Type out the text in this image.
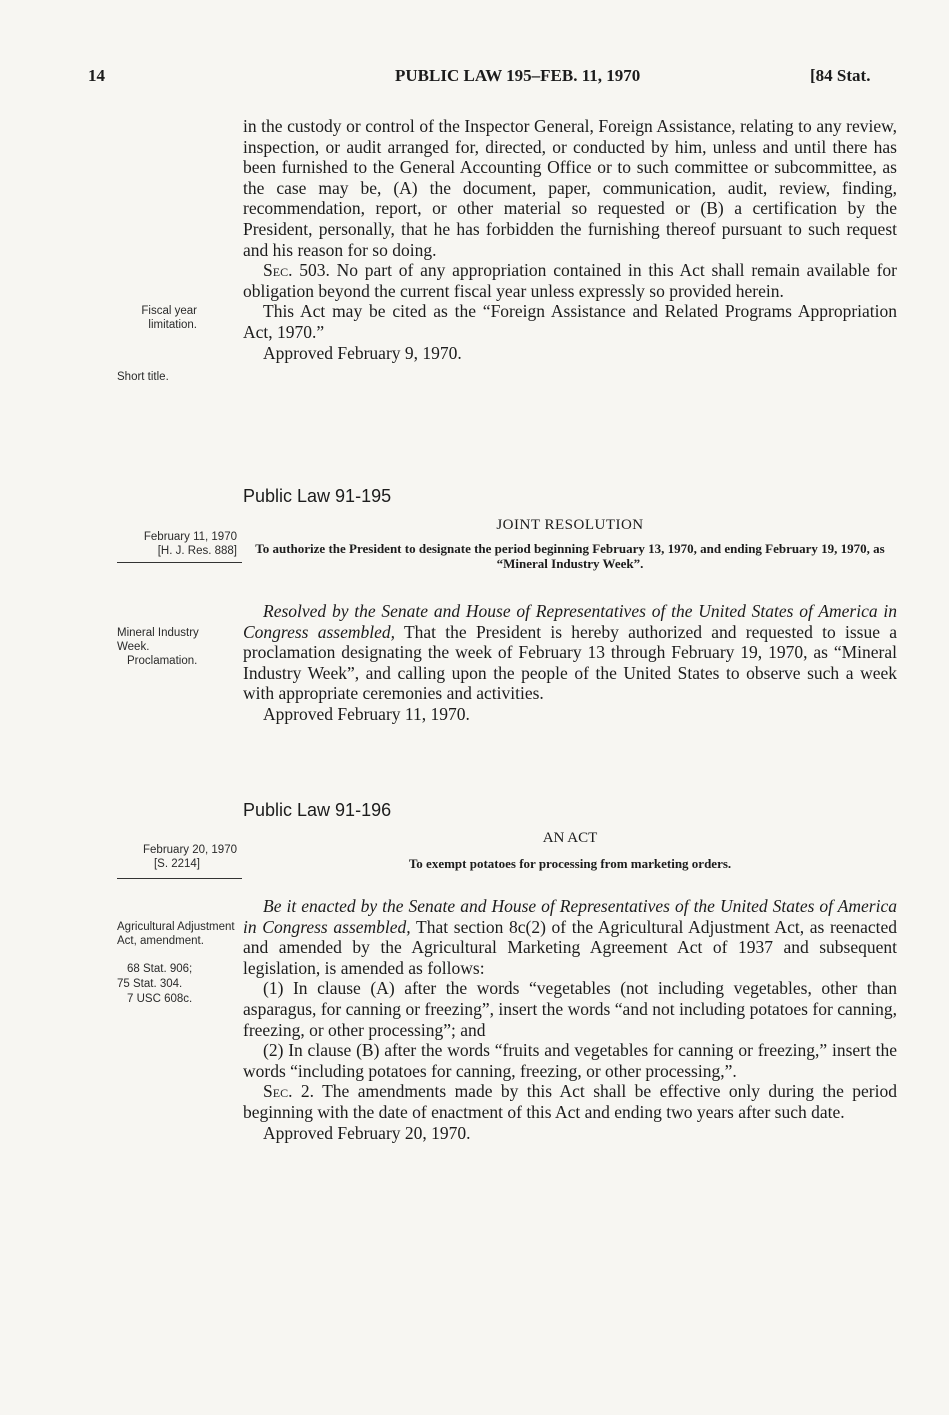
14	PUBLIC LAW 195–FEB. 11, 1970	[84 Stat.

in the custody or control of the Inspector General, Foreign Assistance, relating to any review, inspection, or audit arranged for, directed, or conducted by him, unless and until there has been furnished to the General Accounting Office or to such committee or subcommittee, as the case may be, (A) the document, paper, communication, audit, review, finding, recommendation, report, or other material so requested or (B) a certification by the President, personally, that he has forbidden the furnishing thereof pursuant to such request and his reason for so doing.

Sec. 503. No part of any appropriation contained in this Act shall remain available for obligation beyond the current fiscal year unless expressly so provided herein.

This Act may be cited as the “Foreign Assistance and Related Programs Appropriation Act, 1970.”

Approved February 9, 1970.

Fiscal year limitation.
Short title.
Public Law 91-195
February 11, 1970
[H. J. Res. 888]
JOINT RESOLUTION
To authorize the President to designate the period beginning February 13, 1970, and ending February 19, 1970, as “Mineral Industry Week”.
Mineral Industry Week.
Proclamation.

Resolved by the Senate and House of Representatives of the United States of America in Congress assembled, That the President is hereby authorized and requested to issue a proclamation designating the week of February 13 through February 19, 1970, as “Mineral Industry Week”, and calling upon the people of the United States to observe such a week with appropriate ceremonies and activities.

Approved February 11, 1970.

Public Law 91-196
February 20, 1970
[S. 2214]
AN ACT
To exempt potatoes for processing from marketing orders.
Agricultural Adjustment Act, amendment.
68 Stat. 906;
75 Stat. 304.
7 USC 608c.

Be it enacted by the Senate and House of Representatives of the United States of America in Congress assembled, That section 8c(2) of the Agricultural Adjustment Act, as reenacted and amended by the Agricultural Marketing Agreement Act of 1937 and subsequent legislation, is amended as follows:

(1) In clause (A) after the words “vegetables (not including vegetables, other than asparagus, for canning or freezing”, insert the words “and not including potatoes for canning, freezing, or other processing”; and

(2) In clause (B) after the words “fruits and vegetables for canning or freezing,” insert the words “including potatoes for canning, freezing, or other processing,”.

Sec. 2. The amendments made by this Act shall be effective only during the period beginning with the date of enactment of this Act and ending two years after such date.

Approved February 20, 1970.
